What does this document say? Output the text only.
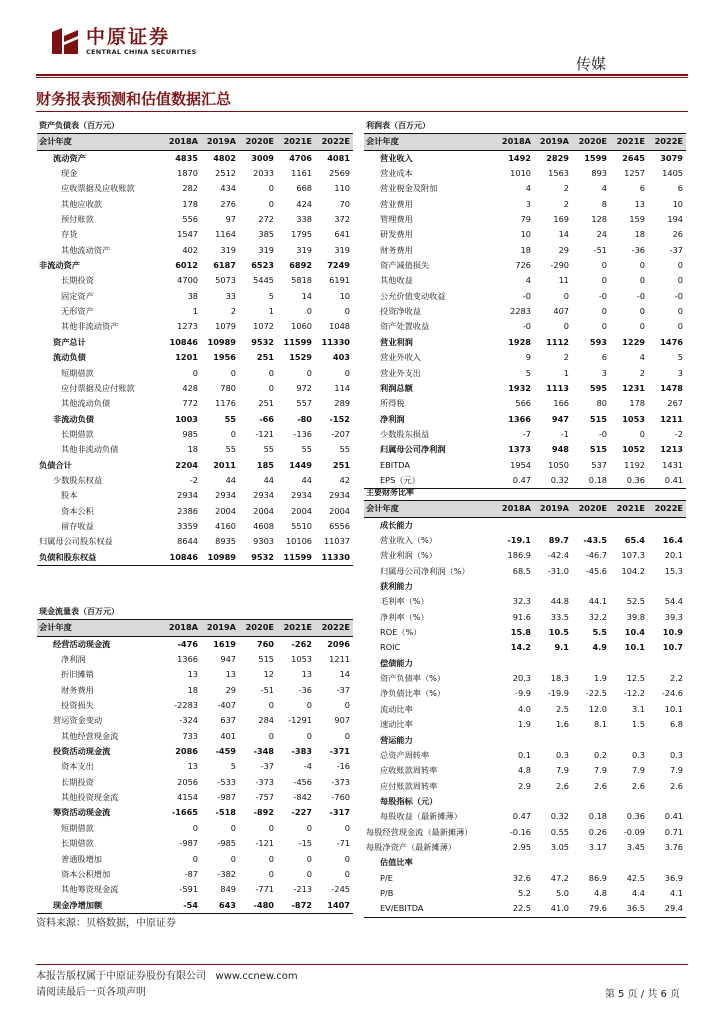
中原证券
CENTRAL CHINA SECURITIES
传媒
财务报表预测和估值数据汇总
资产负债表（百万元）					
会计年度	2018A	2019A	2020E	2021E	2022E
流动资产	4835	4802	3009	4706	4081
现金	1870	2512	2033	1161	2569
应收票据及应收账款	282	434	0	668	110
其他应收款	178	276	0	424	70
预付账款	556	97	272	338	372
存货	1547	1164	385	1795	641
其他流动资产	402	319	319	319	319
非流动资产	6012	6187	6523	6892	7249
长期投资	4700	5073	5445	5818	6191
固定资产	38	33	5	14	10
无形资产	1	2	1	0	0
其他非流动资产	1273	1079	1072	1060	1048
资产总计	10846	10989	9532	11599	11330
流动负债	1201	1956	251	1529	403
短期借款	0	0	0	0	0
应付票据及应付账款	428	780	0	972	114
其他流动负债	772	1176	251	557	289
非流动负债	1003	55	-66	-80	-152
长期借款	985	0	-121	-136	-207
其他非流动负债	18	55	55	55	55
负债合计	2204	2011	185	1449	251
少数股东权益	-2	44	44	44	42
股本	2934	2934	2934	2934	2934
资本公积	2386	2004	2004	2004	2004
留存收益	3359	4160	4608	5510	6556
归属母公司股东权益	8644	8935	9303	10106	11037
负债和股东权益	10846	10989	9532	11599	11330
利润表（百万元）					
会计年度	2018A	2019A	2020E	2021E	2022E
营业收入	1492	2829	1599	2645	3079
营业成本	1010	1563	893	1257	1405
营业税金及附加	4	2	4	6	6
营业费用	3	2	8	13	10
管理费用	79	169	128	159	194
研发费用	10	14	24	18	26
财务费用	18	29	-51	-36	-37
资产减值损失	726	-290	0	0	0
其他收益	4	11	0	0	0
公允价值变动收益	-0	0	-0	-0	-0
投资净收益	2283	407	0	0	0
资产处置收益	-0	0	0	0	0
营业利润	1928	1112	593	1229	1476
营业外收入	9	2	6	4	5
营业外支出	5	1	3	2	3
利润总额	1932	1113	595	1231	1478
所得税	566	166	80	178	267
净利润	1366	947	515	1053	1211
少数股东损益	-7	-1	-0	0	-2
归属母公司净利润	1373	948	515	1052	1213
EBITDA	1954	1050	537	1192	1431
EPS（元）	0.47	0.32	0.18	0.36	0.41
主要财务比率					
会计年度	2018A	2019A	2020E	2021E	2022E
成长能力					
营业收入（%）	-19.1	89.7	-43.5	65.4	16.4
营业利润（%）	186.9	-42.4	-46.7	107.3	20.1
归属母公司净利润（%）	68.5	-31.0	-45.6	104.2	15.3
获利能力					
毛利率（%）	32.3	44.8	44.1	52.5	54.4
净利率（%）	91.6	33.5	32.2	39.8	39.3
ROE（%）	15.8	10.5	5.5	10.4	10.9
ROIC	14.2	9.1	4.9	10.1	10.7
偿债能力					
资产负债率（%）	20.3	18.3	1.9	12.5	2.2
净负债比率（%）	-9.9	-19.9	-22.5	-12.2	-24.6
流动比率	4.0	2.5	12.0	3.1	10.1
速动比率	1.9	1.6	8.1	1.5	6.8
营运能力					
总资产周转率	0.1	0.3	0.2	0.3	0.3
应收账款周转率	4.8	7.9	7.9	7.9	7.9
应付账款周转率	2.9	2.6	2.6	2.6	2.6
每股指标（元）					
每股收益（最新摊薄）	0.47	0.32	0.18	0.36	0.41
每股经营现金流（最新摊薄）	-0.16	0.55	0.26	-0.09	0.71
每股净资产（最新摊薄）	2.95	3.05	3.17	3.45	3.76
估值比率					
P/E	32.6	47.2	86.9	42.5	36.9
P/B	5.2	5.0	4.8	4.4	4.1
EV/EBITDA	22.5	41.0	79.6	36.5	29.4
现金流量表（百万元）					
会计年度	2018A	2019A	2020E	2021E	2022E
经营活动现金流	-476	1619	760	-262	2096
净利润	1366	947	515	1053	1211
折旧摊销	13	13	12	13	14
财务费用	18	29	-51	-36	-37
投资损失	-2283	-407	0	0	0
营运资金变动	-324	637	284	-1291	907
其他经营现金流	733	401	0	0	0
投资活动现金流	2086	-459	-348	-383	-371
资本支出	13	5	-37	-4	-16
长期投资	2056	-533	-373	-456	-373
其他投资现金流	4154	-987	-757	-842	-760
筹资活动现金流	-1665	-518	-892	-227	-317
短期借款	0	0	0	0	0
长期借款	-987	-985	-121	-15	-71
普通股增加	0	0	0	0	0
资本公积增加	-87	-382	0	0	0
其他筹资现金流	-591	849	-771	-213	-245
现金净增加额	-54	643	-480	-872	1407
资料来源：贝格数据，中原证券
本报告版权属于中原证券股份有限公司 www.ccnew.com
请阅读最后一页各项声明	第 5 页 / 共 6 页
